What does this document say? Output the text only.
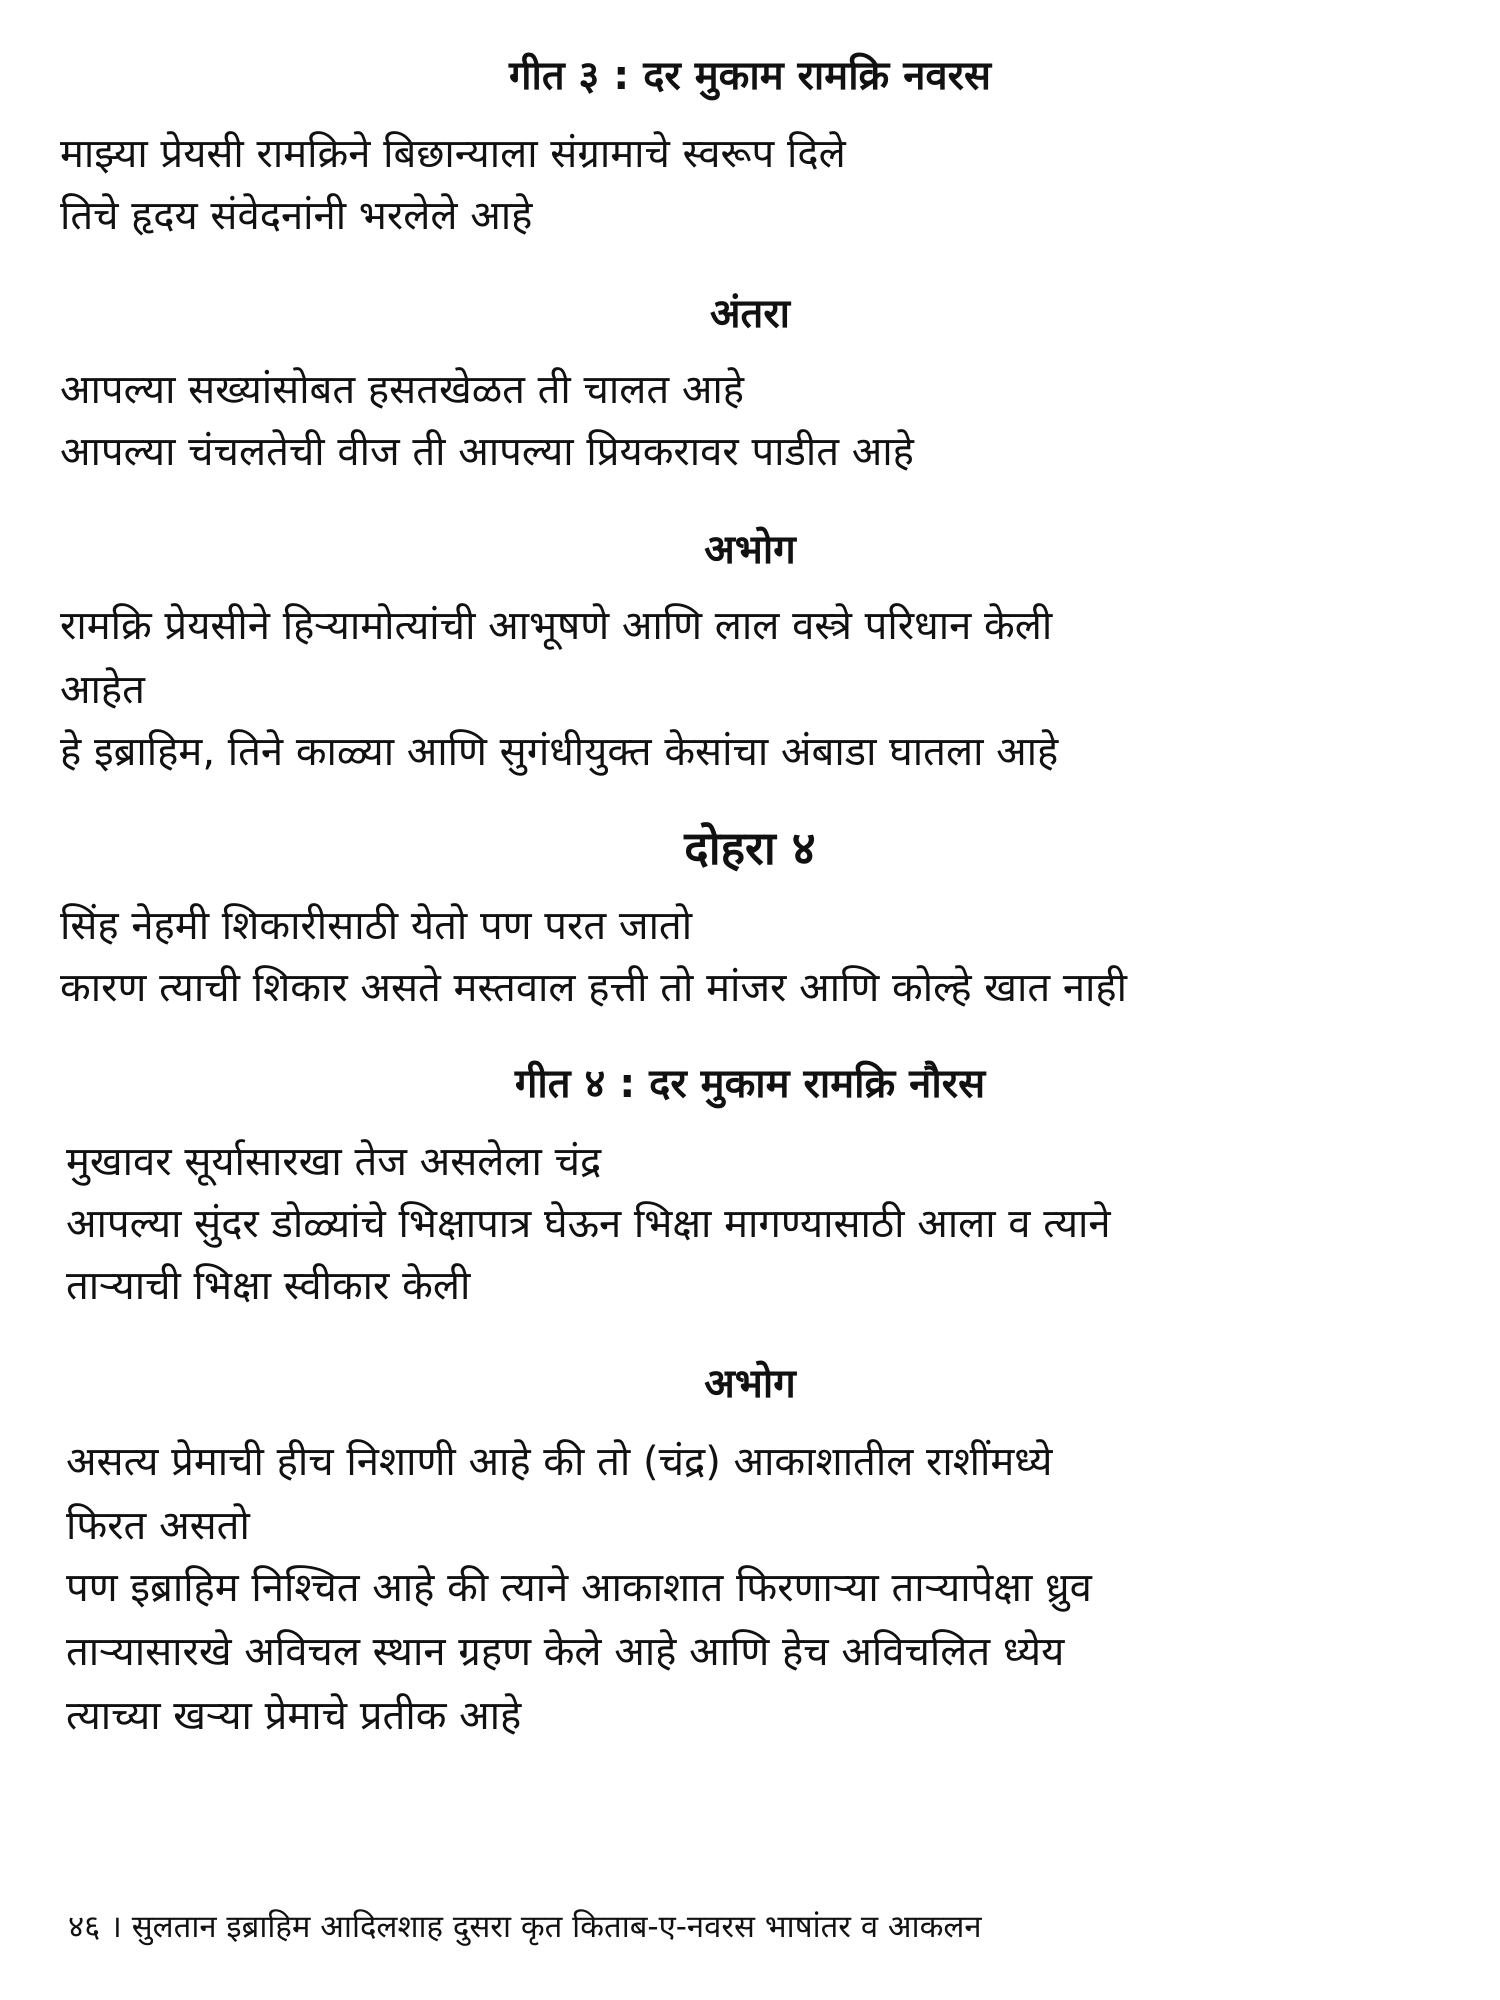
गीत ३ : दर मुकाम रामक्रि नवरस
माझ्या प्रेयसी रामक्रिने बिछान्याला संग्रामाचे स्वरूप दिले
तिचे हृदय संवेदनांनी भरलेले आहे
अंतरा
आपल्या सख्यांसोबत हसतखेळत ती चालत आहे
आपल्या चंचलतेची वीज ती आपल्या प्रियकरावर पाडीत आहे
अभोग
रामक्रि प्रेयसीने हिऱ्यामोत्यांची आभूषणे आणि लाल वस्त्रे परिधान केली
आहेत
हे इब्राहिम, तिने काळ्या आणि सुगंधीयुक्त केसांचा अंबाडा घातला आहे
दोहरा ४
सिंह नेहमी शिकारीसाठी येतो पण परत जातो
कारण त्याची शिकार असते मस्तवाल हत्ती तो मांजर आणि कोल्हे खात नाही
गीत ४ : दर मुकाम रामक्रि नौरस
मुखावर सूर्यासारखा तेज असलेला चंद्र
आपल्या सुंदर डोळ्यांचे भिक्षापात्र घेऊन भिक्षा मागण्यासाठी आला व त्याने
ताऱ्याची भिक्षा स्वीकार केली
अभोग
असत्य प्रेमाची हीच निशाणी आहे की तो (चंद्र) आकाशातील राशींमध्ये
फिरत असतो
पण इब्राहिम निश्चित आहे की त्याने आकाशात फिरणाऱ्या ताऱ्यापेक्षा ध्रुव
ताऱ्यासारखे अविचल स्थान ग्रहण केले आहे आणि हेच अविचलित ध्येय
त्याच्या खऱ्या प्रेमाचे प्रतीक आहे
४६ । सुलतान इब्राहिम आदिलशाह दुसरा कृत किताब-ए-नवरस भाषांतर व आकलन
